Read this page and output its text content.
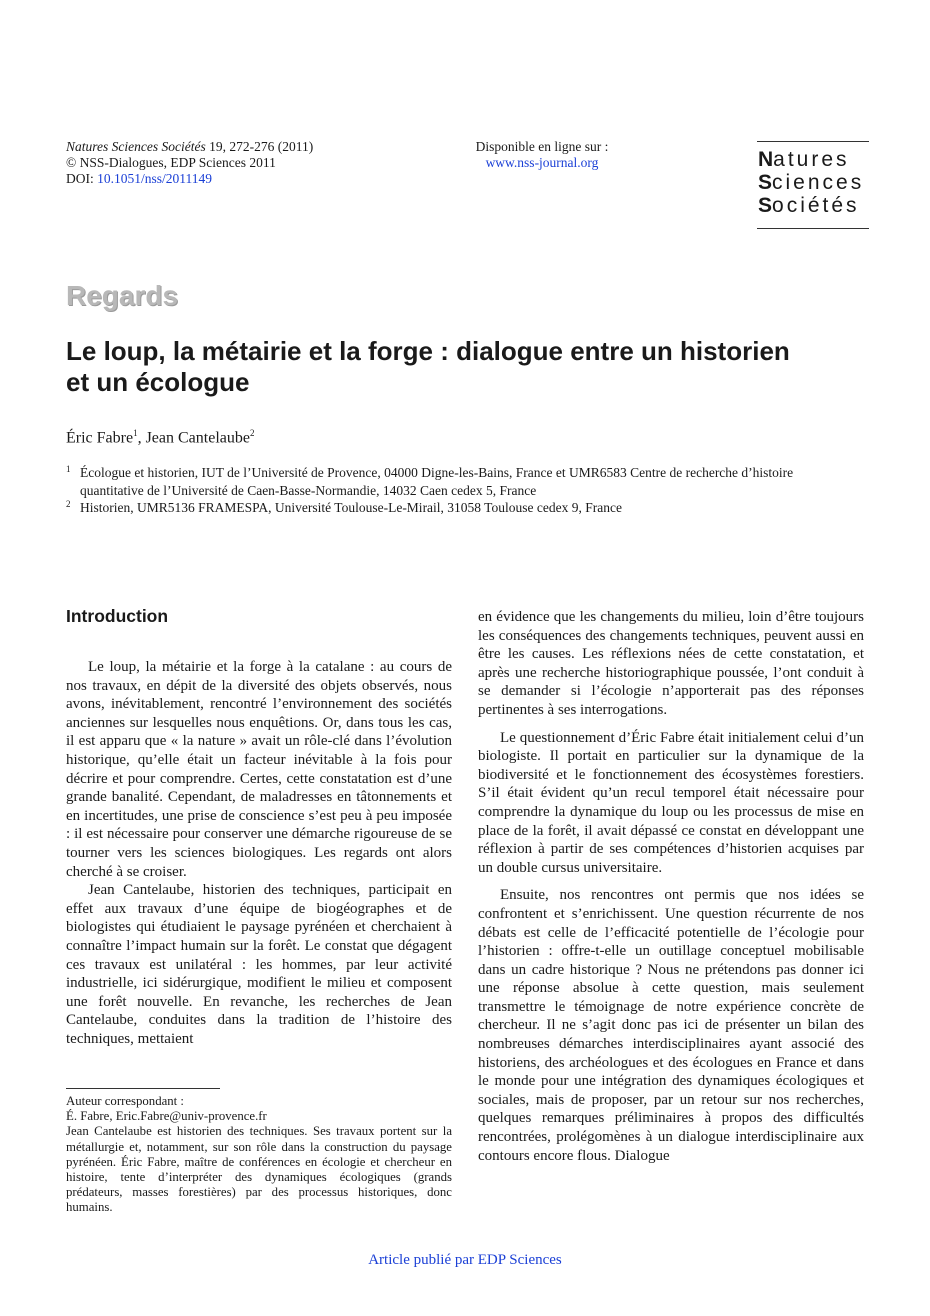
Natures Sciences Sociétés 19, 272-276 (2011)
© NSS-Dialogues, EDP Sciences 2011
DOI: 10.1051/nss/2011149
Disponible en ligne sur :
www.nss-journal.org	Natures
Sciences
Sociétés
Regards
Le loup, la métairie et la forge : dialogue entre un historien
et un écologue
Éric Fabre$^1$, Jean Cantelaube$^2$
1 Écologue et historien, IUT de l’Université de Provence, 04000 Digne-les-Bains, France et UMR6583 Centre de recherche d’histoire
quantitative de l’Université de Caen-Basse-Normandie, 14032 Caen cedex 5, France
2 Historien, UMR5136 FRAMESPA, Université Toulouse-Le-Mirail, 31058 Toulouse cedex 9, France
Introduction

Le loup, la métairie et la forge à la catalane : au cours de nos travaux, en dépit de la diversité des objets observés, nous avons, inévitablement, rencontré l’environnement des sociétés anciennes sur lesquelles nous enquêtions. Or, dans tous les cas, il est apparu que « la nature » avait un rôle-clé dans l’évolution historique, qu’elle était un facteur inévitable à la fois pour décrire et pour comprendre. Certes, cette constatation est d’une grande banalité. Cependant, de maladresses en tâtonnements et en incertitudes, une prise de conscience s’est peu à peu imposée : il est nécessaire pour conserver une démarche rigoureuse de se tourner vers les sciences biologiques. Les regards ont alors cherché à se croiser.

Jean Cantelaube, historien des techniques, participait en effet aux travaux d’une équipe de biogéographes et de biologistes qui étudiaient le paysage pyrénéen et cherchaient à connaître l’impact humain sur la forêt. Le constat que dégagent ces travaux est unilatéral : les hommes, par leur activité industrielle, ici sidérurgique, modifient le milieu et composent une forêt nouvelle. En revanche, les recherches de Jean Cantelaube, conduites dans la tradition de l’histoire des techniques, mettaient

Auteur correspondant :

É. Fabre, Eric.Fabre@univ-provence.fr

Jean Cantelaube est historien des techniques. Ses travaux portent sur la métallurgie et, notamment, sur son rôle dans la construction du paysage pyrénéen. Éric Fabre, maître de conférences en écologie et chercheur en histoire, tente d’interpréter des dynamiques écologiques (grands prédateurs, masses forestières) par des processus historiques, donc humains.

en évidence que les changements du milieu, loin d’être toujours les conséquences des changements techniques, peuvent aussi en être les causes. Les réflexions nées de cette constatation, et après une recherche historiographique poussée, l’ont conduit à se demander si l’écologie n’apporterait pas des réponses pertinentes à ses interrogations.

Le questionnement d’Éric Fabre était initialement celui d’un biologiste. Il portait en particulier sur la dynamique de la biodiversité et le fonctionnement des écosystèmes forestiers. S’il était évident qu’un recul temporel était nécessaire pour comprendre la dynamique du loup ou les processus de mise en place de la forêt, il avait dépassé ce constat en développant une réflexion à partir de ses compétences d’historien acquises par un double cursus universitaire.

Ensuite, nos rencontres ont permis que nos idées se confrontent et s’enrichissent. Une question récurrente de nos débats est celle de l’efficacité potentielle de l’écologie pour l’historien : offre-t-elle un outillage conceptuel mobilisable dans un cadre historique ? Nous ne prétendons pas donner ici une réponse absolue à cette question, mais seulement transmettre le témoignage de notre expérience concrète de chercheur. Il ne s’agit donc pas ici de présenter un bilan des nombreuses démarches interdisciplinaires ayant associé des historiens, des archéologues et des écologues en France et dans le monde pour une intégration des dynamiques écologiques et sociales, mais de proposer, par un retour sur nos recherches, quelques remarques préliminaires à propos des difficultés rencontrées, prolégomènes à un dialogue interdisciplinaire aux contours encore flous. Dialogue

Article publié par EDP Sciences
